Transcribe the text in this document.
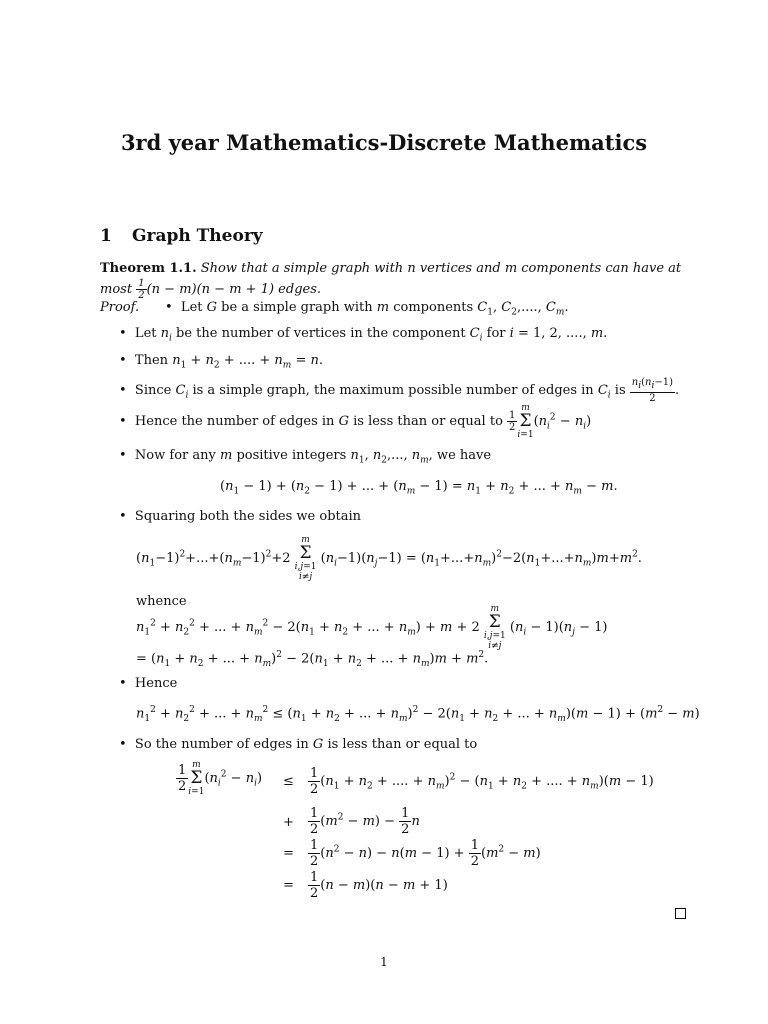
3rd year Mathematics-Discrete Mathematics
1 Graph Theory
Theorem 1.1. Show that a simple graph with n vertices and m components can have at most $\frac{1}{2} (n - m)(n - m + 1)$ edges.
Proof. •  Let G be a simple graph with m components $C_1$, $C_2$,...., $C_m$.
•  Let $n_i$ be the number of vertices in the component $C_i$ for i = 1, 2, ...., m.
•  Then $n_1 + n_2$ + .... + $n_m = n$.
•  Since $C_i$ is a simple graph, the maximum possible number of edges in $C_i$ is $\frac{n_i(n_i-1)}{2}$ .
•  Hence the number of edges in G is less than or equal to $\frac{1}{2}$
m
Σ
i=1
$(n_i^2 - n_i)$
•  Now for any m positive integers $n_1$, $n_2$,..., $n_m$, we have
$(n_1 - 1) + (n_2 - 1)$ + ... + $(n_m - 1) = n_1 + n_2$ + ... + $n_m - m$.
•  Squaring both the sides we obtain
$(n_1-1)^2+...+(n_m-1)^2+2$
m
Σ
i,j=1
i≠j
$(n_i-1)(n_j-1) = (n_1+...+n_m)^2-2(n_1+...+n_m)m+m^2$.
whence
$n_1^2 + n_2^2$ + ... + $n_m^2 - 2(n_1 + n_2$ + ... + $n_m) + m + 2$
m
Σ
i,j=1
i≠j
$(n_i - 1)(n_j - 1)$
= ($n_1 + n_2$ + ... + $n_m)^2 - 2(n_1 + n_2$ + ... + $n_m)m + m^2$.
•  Hence
$n_1^2 + n_2^2$ + ... + $n_m^2 \le (n_1 + n_2$ + ... + $n_m)^2 - 2(n_1 + n_2$ + ... + $n_m)(m - 1) + (m^2 - m)$
•  So the number of edges in G is less than or equal to
$\frac{1}{2}$ m
Σ
i=1
$(n_i^2 - n_i) \le \frac{1}{2} (n_1 + n_2$ + .... + $n_m)^2 - (n_1 + n_2$ + .... + $n_m)(m - 1)$
+ $\frac{1}{2} (m^2 - m) - \frac{1}{2}$ n
= $\frac{1}{2} (n^2 - n) - n(m - 1) + \frac{1}{2} (m^2 - m)$
= $\frac{1}{2} (n - m)(n - m + 1)$
1
